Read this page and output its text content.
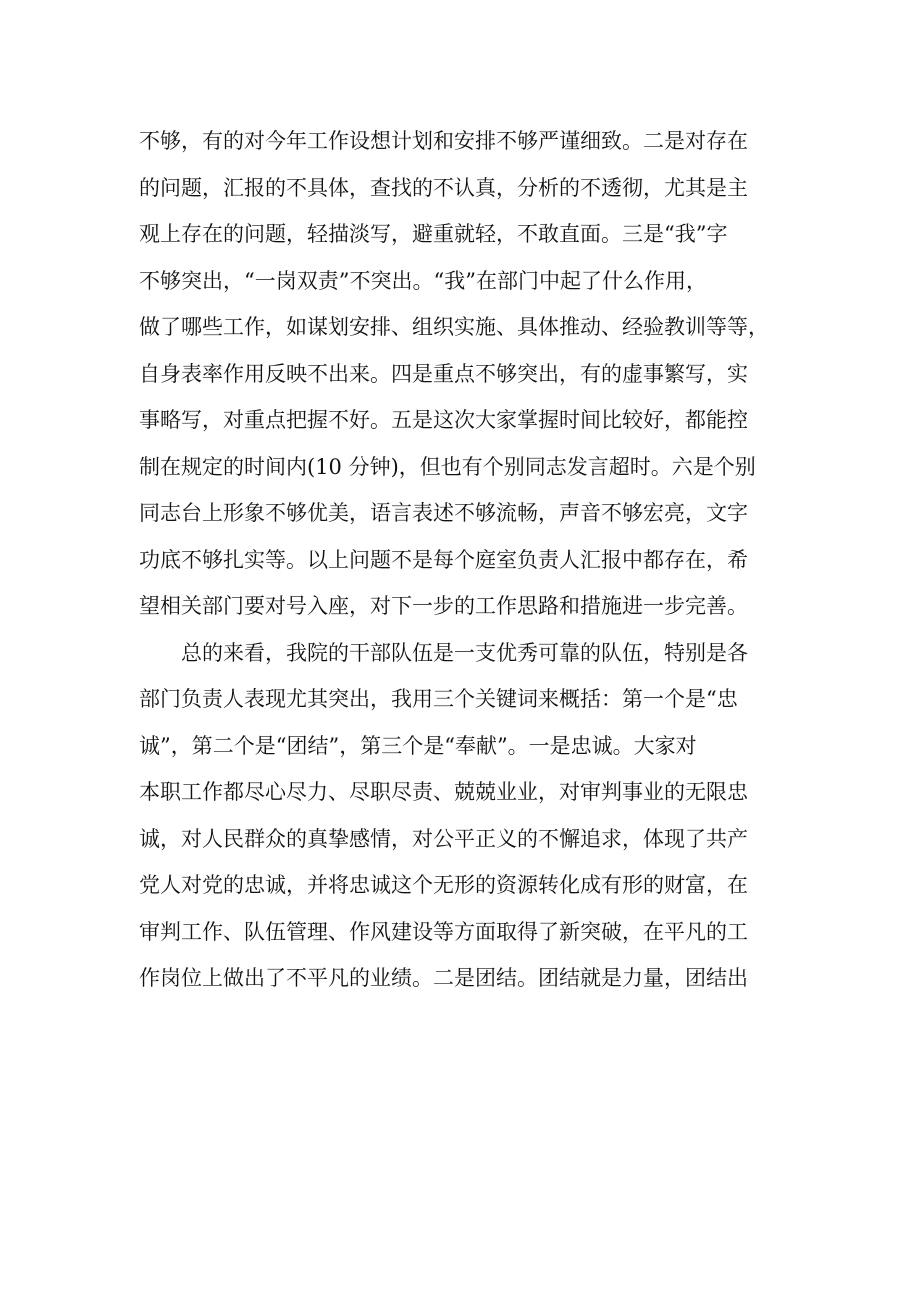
不够，有的对今年工作设想计划和安排不够严谨细致。二是对存在
的问题，汇报的不具体，查找的不认真，分析的不透彻，尤其是主
观上存在的问题，轻描淡写，避重就轻，不敢直面。三是“我”字
不够突出，“一岗双责”不突出。“我”在部门中起了什么作用，
做了哪些工作，如谋划安排、组织实施、具体推动、经验教训等等，
自身表率作用反映不出来。四是重点不够突出，有的虚事繁写，实
事略写，对重点把握不好。五是这次大家掌握时间比较好，都能控
制在规定的时间内(10 分钟)，但也有个别同志发言超时。六是个别
同志台上形象不够优美，语言表述不够流畅，声音不够宏亮，文字
功底不够扎实等。以上问题不是每个庭室负责人汇报中都存在，希
望相关部门要对号入座，对下一步的工作思路和措施进一步完善。
总的来看，我院的干部队伍是一支优秀可靠的队伍，特别是各
部门负责人表现尤其突出，我用三个关键词来概括：第一个是“忠
诚”，第二个是“团结”，第三个是“奉献”。一是忠诚。大家对
本职工作都尽心尽力、尽职尽责、兢兢业业，对审判事业的无限忠
诚，对人民群众的真挚感情，对公平正义的不懈追求，体现了共产
党人对党的忠诚，并将忠诚这个无形的资源转化成有形的财富，在
审判工作、队伍管理、作风建设等方面取得了新突破，在平凡的工
作岗位上做出了不平凡的业绩。二是团结。团结就是力量，团结出
